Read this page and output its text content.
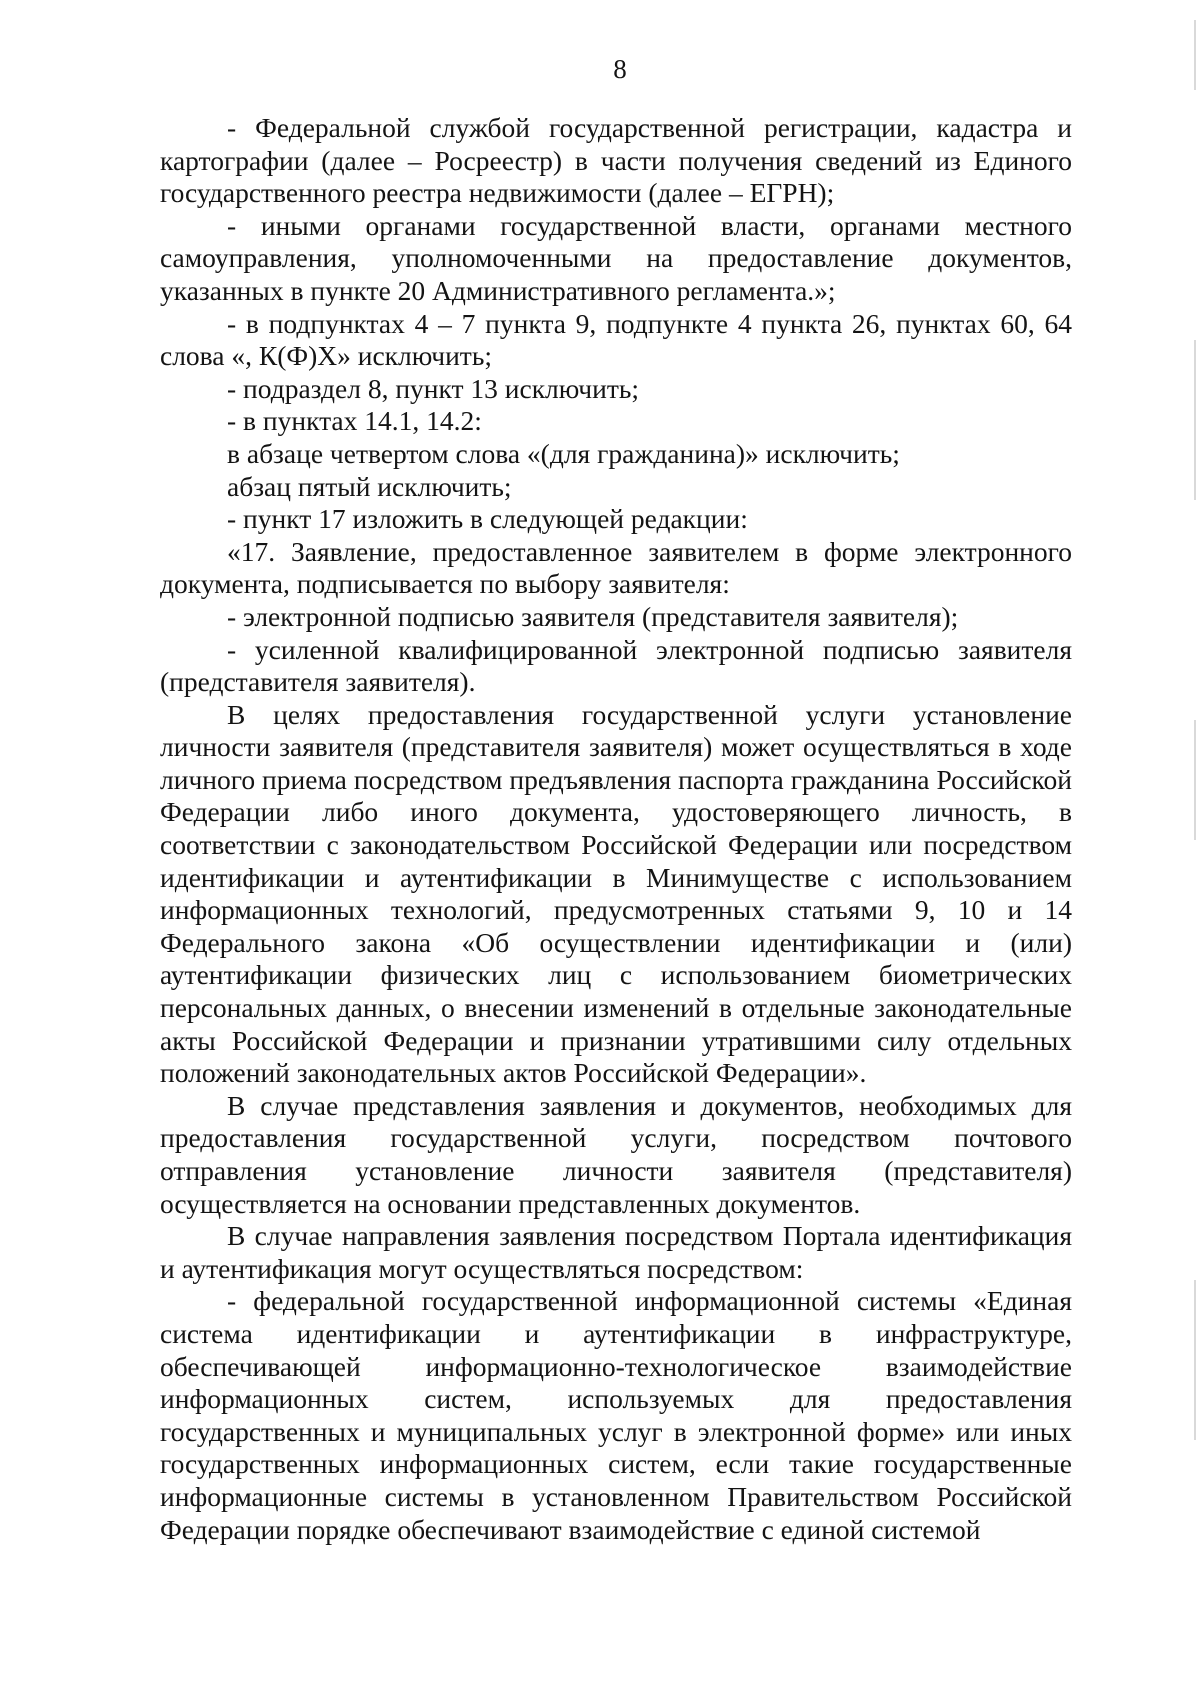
8

- Федеральной службой государственной регистрации, кадастра и картографии (далее – Росреестр) в части получения сведений из Единого государственного реестра недвижимости (далее – ЕГРН);

- иными органами государственной власти, органами местного самоуправления, уполномоченными на предоставление документов, указанных в пункте 20 Административного регламента.»;

- в подпунктах 4 – 7 пункта 9, подпункте 4 пункта 26, пунктах 60, 64 слова «, К(Ф)Х» исключить;

- подраздел 8, пункт 13 исключить;

- в пунктах 14.1, 14.2:

в абзаце четвертом слова «(для гражданина)» исключить;

абзац пятый исключить;

- пункт 17 изложить в следующей редакции:

«17. Заявление, предоставленное заявителем в форме электронного документа, подписывается по выбору заявителя:

- электронной подписью заявителя (представителя заявителя);

- усиленной квалифицированной электронной подписью заявителя (представителя заявителя).

В целях предоставления государственной услуги установление личности заявителя (представителя заявителя) может осуществляться в ходе личного приема посредством предъявления паспорта гражданина Российской Федерации либо иного документа, удостоверяющего личность, в соответствии с законодательством Российской Федерации или посредством идентификации и аутентификации в Минимуществе с использованием информационных технологий, предусмотренных статьями 9, 10 и 14 Федерального закона «Об осуществлении идентификации и (или) аутентификации физических лиц с использованием биометрических персональных данных, о внесении изменений в отдельные законодательные акты Российской Федерации и признании утратившими силу отдельных положений законодательных актов Российской Федерации».

В случае представления заявления и документов, необходимых для предоставления государственной услуги, посредством почтового отправления установление личности заявителя (представителя) осуществляется на основании представленных документов.

В случае направления заявления посредством Портала идентификация и аутентификация могут осуществляться посредством:

- федеральной государственной информационной системы «Единая система идентификации и аутентификации в инфраструктуре, обеспечивающей информационно-технологическое взаимодействие информационных систем, используемых для предоставления государственных и муниципальных услуг в электронной форме» или иных государственных информационных систем, если такие государственные информационные системы в установленном Правительством Российской Федерации порядке обеспечивают взаимодействие с единой системой
